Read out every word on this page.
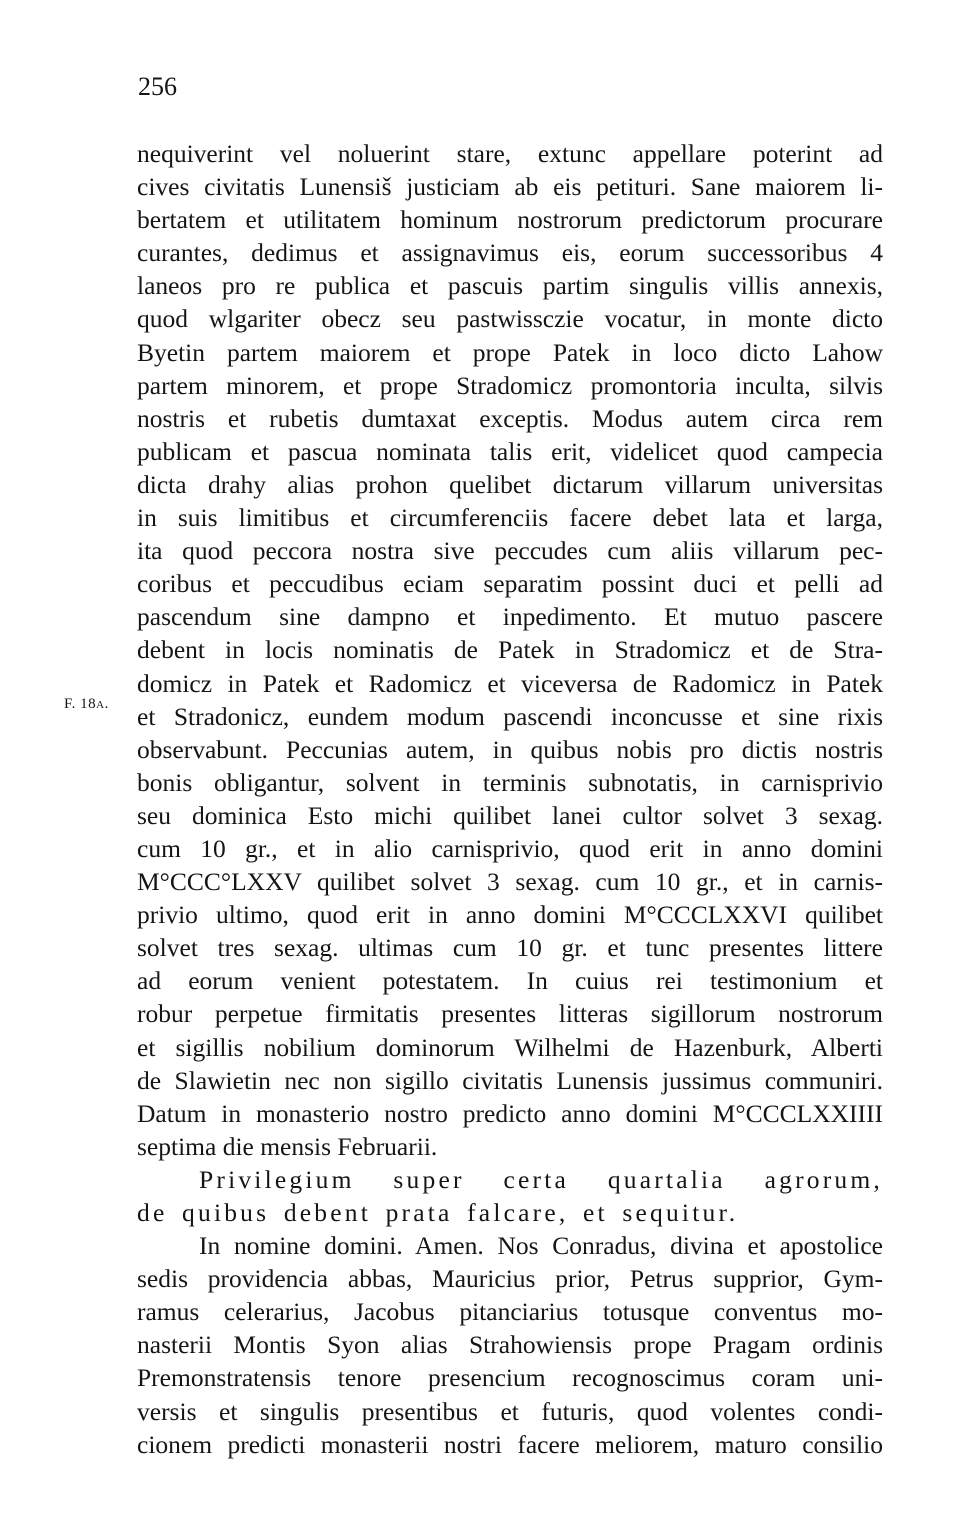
256
F. 18a.
nequiverint vel noluerint stare, extunc appellare poterint ad
cives civitatis Lunensiš justiciam ab eis petituri. Sane maiorem li-
bertatem et utilitatem hominum nostrorum predictorum procurare
curantes, dedimus et assignavimus eis, eorum successoribus 4
laneos pro re publica et pascuis partim singulis villis annexis,
quod wlgariter obecz seu pastwissczie vocatur, in monte dicto
Byetin partem maiorem et prope Patek in loco dicto Lahow
partem minorem, et prope Stradomicz promontoria inculta, silvis
nostris et rubetis dumtaxat exceptis. Modus autem circa rem
publicam et pascua nominata talis erit, videlicet quod campecia
dicta drahy alias prohon quelibet dictarum villarum universitas
in suis limitibus et circumferenciis facere debet lata et larga,
ita quod peccora nostra sive peccudes cum aliis villarum pec-
coribus et peccudibus eciam separatim possint duci et pelli ad
pascendum sine dampno et inpedimento. Et mutuo pascere
debent in locis nominatis de Patek in Stradomicz et de Stra-
domicz in Patek et Radomicz et viceversa de Radomicz in Patek
et Stradonicz, eundem modum pascendi inconcusse et sine rixis
observabunt. Peccunias autem, in quibus nobis pro dictis nostris
bonis obligantur, solvent in terminis subnotatis, in carnisprivio
seu dominica Esto michi quilibet lanei cultor solvet 3 sexag.
cum 10 gr., et in alio carnisprivio, quod erit in anno domini
M°CCC°LXXV quilibet solvet 3 sexag. cum 10 gr., et in carnis-
privio ultimo, quod erit in anno domini M°CCCLXXVI quilibet
solvet tres sexag. ultimas cum 10 gr. et tunc presentes littere
ad eorum venient potestatem. In cuius rei testimonium et
robur perpetue firmitatis presentes litteras sigillorum nostrorum
et sigillis nobilium dominorum Wilhelmi de Hazenburk, Alberti
de Slawietin nec non sigillo civitatis Lunensis jussimus communiri.
Datum in monasterio nostro predicto anno domini M°CCCLXXIIII
septima die mensis Februarii.
Privilegium super certa quartalia agrorum,
de quibus debent prata falcare, et sequitur.
In nomine domini. Amen. Nos Conradus, divina et apostolice
sedis providencia abbas, Mauricius prior, Petrus supprior, Gym-
ramus celerarius, Jacobus pitanciarius totusque conventus mo-
nasterii Montis Syon alias Strahowiensis prope Pragam ordinis
Premonstratensis tenore presencium recognoscimus coram uni-
versis et singulis presentibus et futuris, quod volentes condi-
cionem predicti monasterii nostri facere meliorem, maturo consilio
